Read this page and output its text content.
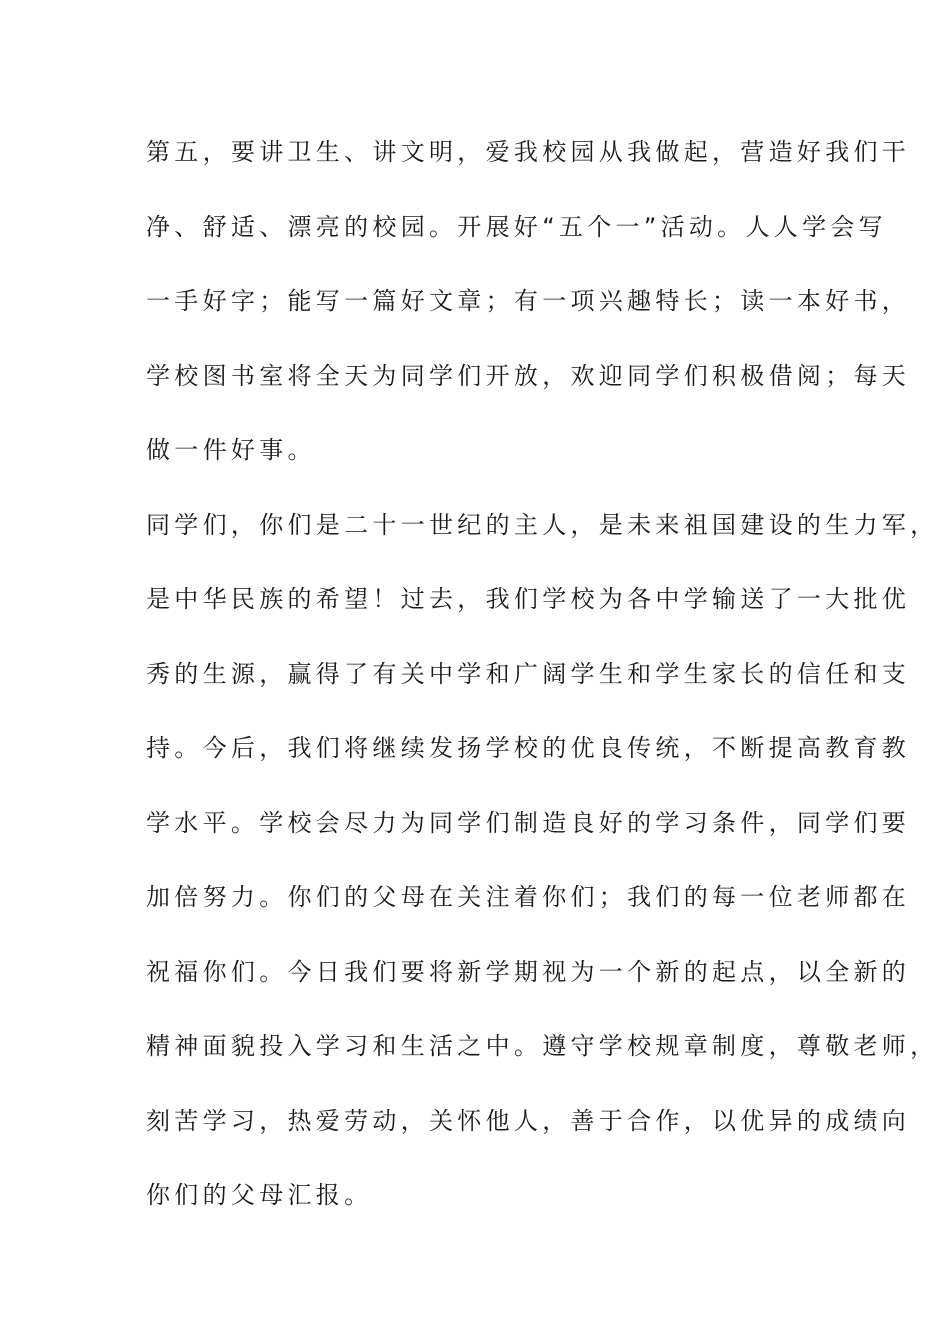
第五，要讲卫生、讲文明，爱我校园从我做起，营造好我们干
净、舒适、漂亮的校园。开展好“五个一”活动。人人学会写
一手好字；能写一篇好文章；有一项兴趣特长；读一本好书，
学校图书室将全天为同学们开放，欢迎同学们积极借阅；每天
做一件好事。
同学们，你们是二十一世纪的主人，是未来祖国建设的生力军，
是中华民族的希望！过去，我们学校为各中学输送了一大批优
秀的生源，赢得了有关中学和广阔学生和学生家长的信任和支
持。今后，我们将继续发扬学校的优良传统，不断提高教育教
学水平。学校会尽力为同学们制造良好的学习条件，同学们要
加倍努力。你们的父母在关注着你们；我们的每一位老师都在
祝福你们。今日我们要将新学期视为一个新的起点，以全新的
精神面貌投入学习和生活之中。遵守学校规章制度，尊敬老师，
刻苦学习，热爱劳动，关怀他人，善于合作，以优异的成绩向
你们的父母汇报。
